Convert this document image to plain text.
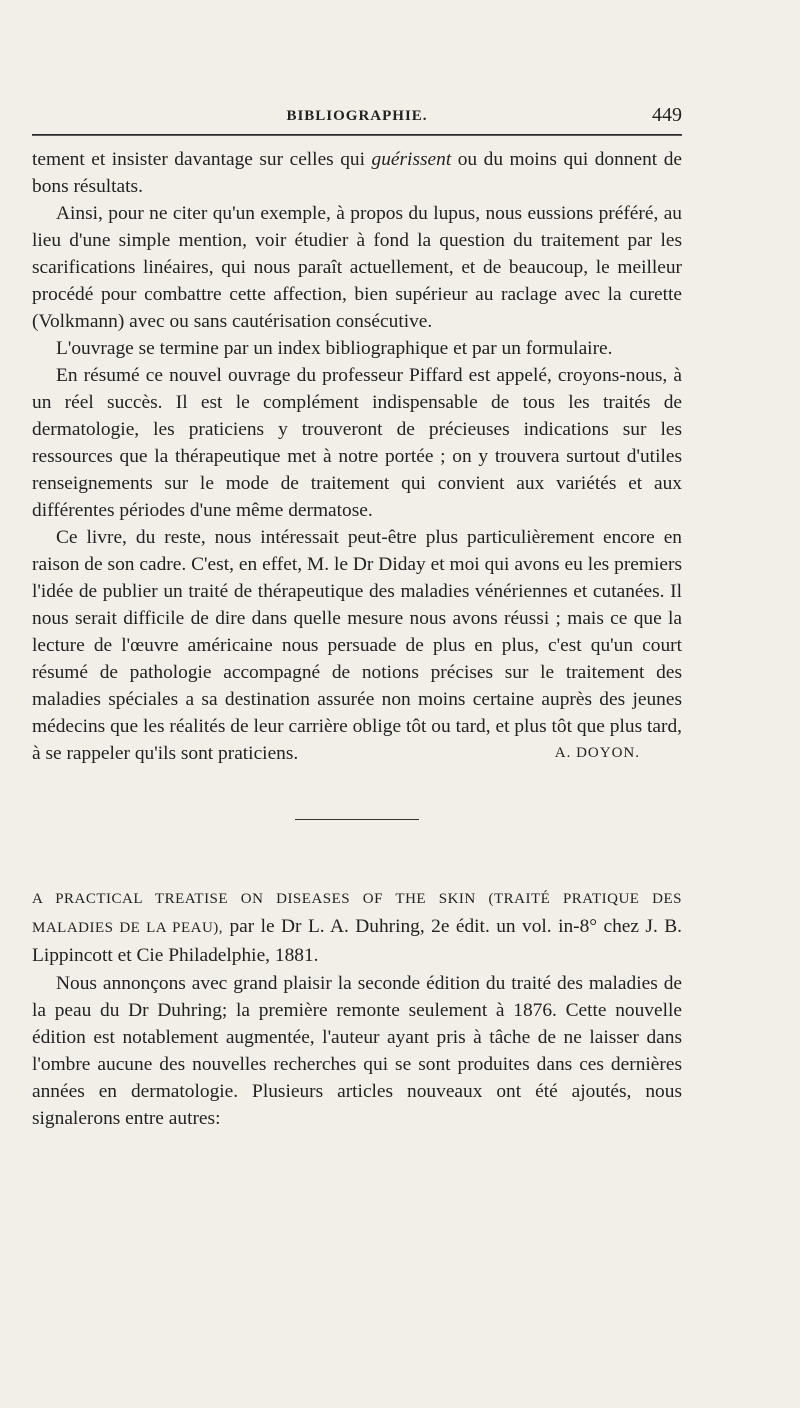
BIBLIOGRAPHIE.	449

tement et insister davantage sur celles qui guérissent ou du moins qui donnent de bons résultats.

Ainsi, pour ne citer qu'un exemple, à propos du lupus, nous eussions préféré, au lieu d'une simple mention, voir étudier à fond la question du traitement par les scarifications linéaires, qui nous paraît actuellement, et de beaucoup, le meilleur procédé pour combattre cette affection, bien supérieur au raclage avec la curette (Volkmann) avec ou sans cautérisation consécutive.

L'ouvrage se termine par un index bibliographique et par un formulaire.

En résumé ce nouvel ouvrage du professeur Piffard est appelé, croyons-nous, à un réel succès. Il est le complément indispensable de tous les traités de dermatologie, les praticiens y trouveront de précieuses indications sur les ressources que la thérapeutique met à notre portée ; on y trouvera surtout d'utiles renseignements sur le mode de traitement qui convient aux variétés et aux différentes périodes d'une même dermatose.

Ce livre, du reste, nous intéressait peut-être plus particulièrement encore en raison de son cadre. C'est, en effet, M. le Dr Diday et moi qui avons eu les premiers l'idée de publier un traité de thérapeutique des maladies vénériennes et cutanées. Il nous serait difficile de dire dans quelle mesure nous avons réussi ; mais ce que la lecture de l'œuvre américaine nous persuade de plus en plus, c'est qu'un court résumé de pathologie accompagné de notions précises sur le traitement des maladies spéciales a sa destination assurée non moins certaine auprès des jeunes médecins que les réalités de leur carrière oblige tôt ou tard, et plus tôt que plus tard, à se rappeler qu'ils sont praticiens.	A. DOYON.

A PRACTICAL TREATISE ON DISEASES OF THE SKIN (TRAITÉ PRATIQUE DES MALADIES DE LA PEAU), par le Dr L. A. Duhring, 2e édit. un vol. in-8° chez J. B. Lippincott et Cie Philadelphie, 1881.

Nous annonçons avec grand plaisir la seconde édition du traité des maladies de la peau du Dr Duhring; la première remonte seulement à 1876. Cette nouvelle édition est notablement augmentée, l'auteur ayant pris à tâche de ne laisser dans l'ombre aucune des nouvelles recherches qui se sont produites dans ces dernières années en dermatologie. Plusieurs articles nouveaux ont été ajoutés, nous signalerons entre autres:
